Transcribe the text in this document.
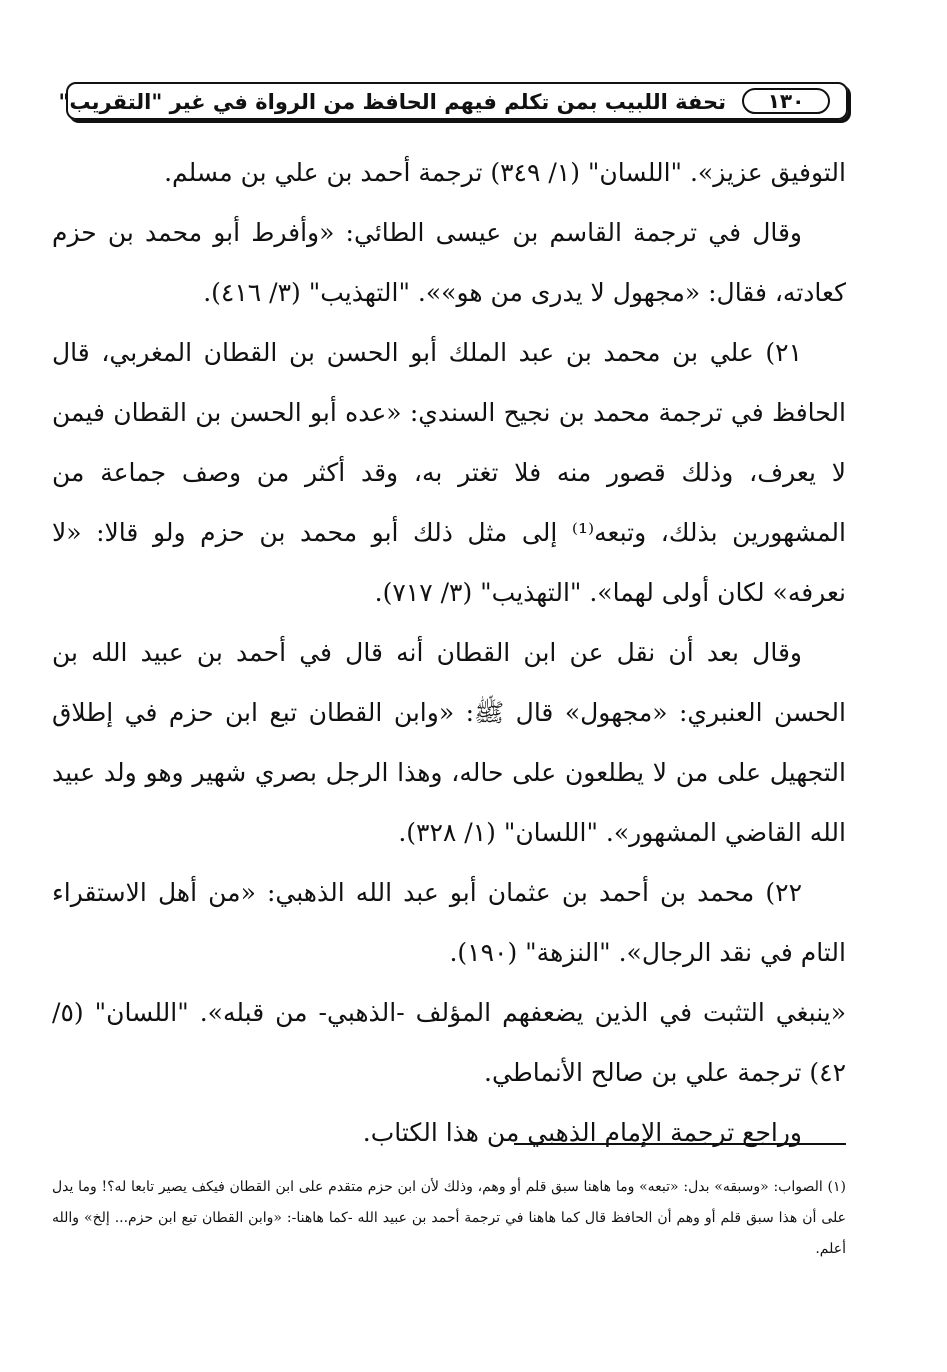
١٣٠
تحفة اللبيب بمن تكلم فيهم الحافظ من الرواة في غير "التقريب"

التوفيق عزيز». "اللسان" (١/ ٣٤٩) ترجمة أحمد بن علي بن مسلم.

وقال في ترجمة القاسم بن عيسى الطائي: «وأفرط أبو محمد بن حزم كعادته، فقال: «مجهول لا يدرى من هو»». "التهذيب" (٣/ ٤١٦).

٢١) علي بن محمد بن عبد الملك أبو الحسن بن القطان المغربي، قال الحافظ في ترجمة محمد بن نجيح السندي: «عده أبو الحسن بن القطان فيمن لا يعرف، وذلك قصور منه فلا تغتر به، وقد أكثر من وصف جماعة من المشهورين بذلك، وتبعه⁽¹⁾ إلى مثل ذلك أبو محمد بن حزم ولو قالا: «لا نعرفه» لكان أولى لهما». "التهذيب" (٣/ ٧١٧).

وقال بعد أن نقل عن ابن القطان أنه قال في أحمد بن عبيد الله بن الحسن العنبري: «مجهول» قال ﷺ: «وابن القطان تبع ابن حزم في إطلاق التجهيل على من لا يطلعون على حاله، وهذا الرجل بصري شهير وهو ولد عبيد الله القاضي المشهور». "اللسان" (١/ ٣٢٨).

٢٢) محمد بن أحمد بن عثمان أبو عبد الله الذهبي: «من أهل الاستقراء التام في نقد الرجال». "النزهة" (١٩٠).

«ينبغي التثبت في الذين يضعفهم المؤلف -الذهبي- من قبله». "اللسان" (٥/ ٤٢) ترجمة علي بن صالح الأنماطي.

وراجع ترجمة الإمام الذهبي من هذا الكتاب.

(١) الصواب: «وسبقه» بدل: «تبعه» وما هاهنا سبق قلم أو وهم، وذلك لأن ابن حزم متقدم على ابن القطان فيكف يصير تابعا له؟! وما يدل على أن هذا سبق قلم أو وهم أن الحافظ قال كما هاهنا في ترجمة أحمد بن عبيد الله -كما هاهنا-: «وابن القطان تبع ابن حزم... إلخ» والله أعلم.
